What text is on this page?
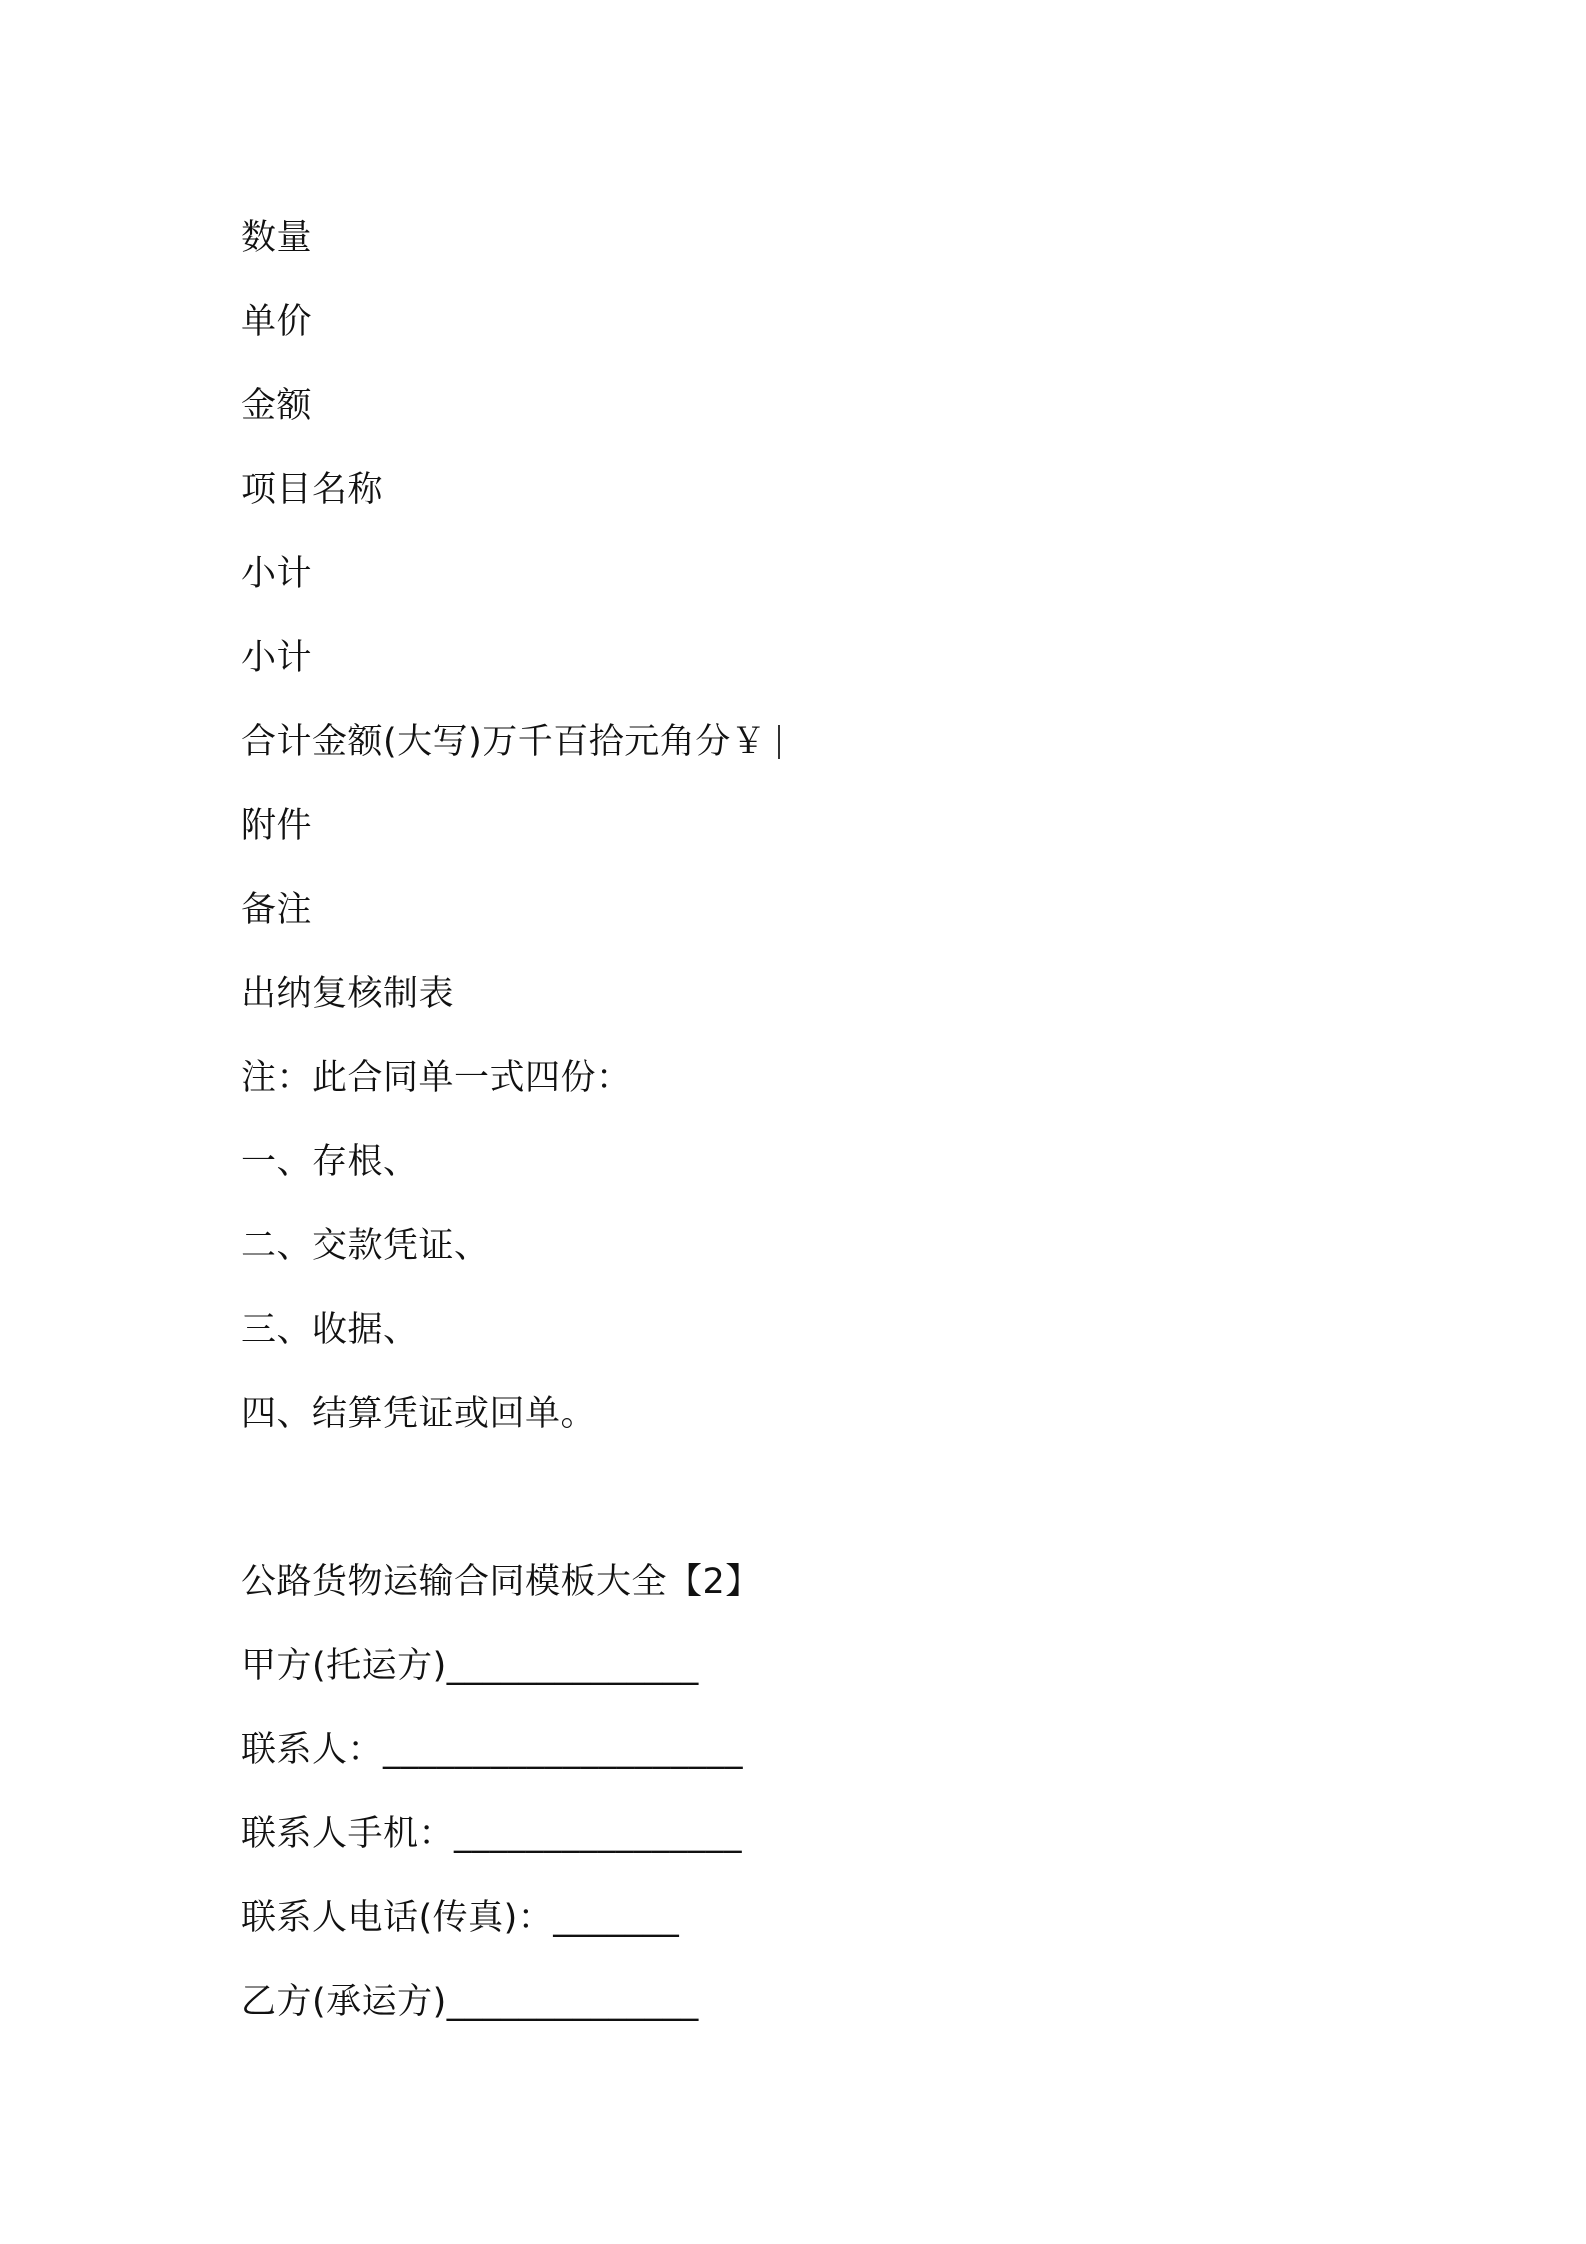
数量
单价
金额
项目名称
小计
小计
合计金额(大写)万千百拾元角分￥
附件
备注
出纳复核制表
注：此合同单一式四份：
一、存根、
二、交款凭证、
三、收据、
四、结算凭证或回单。
公路货物运输合同模板大全【2】
甲方(托运方)______________
联系人：____________________
联系人手机：________________
联系人电话(传真)：_______
乙方(承运方)______________
